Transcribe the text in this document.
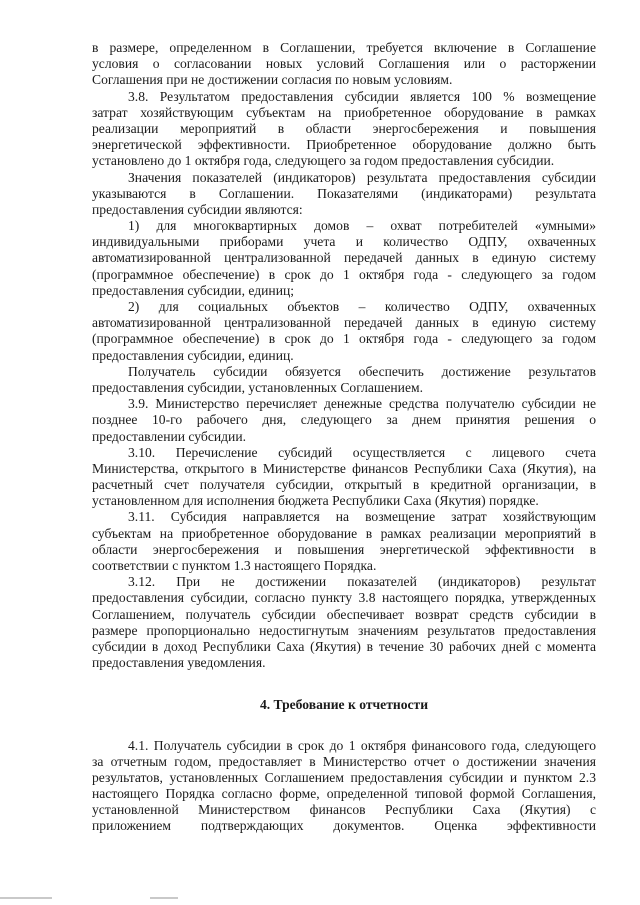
в размере, определенном в Соглашении, требуется включение в Соглашение
условия о согласовании новых условий Соглашения или о расторжении
Соглашения при не достижении согласия по новым условиям.
3.8. Результатом предоставления субсидии является 100 % возмещение
затрат хозяйствующим субъектам на приобретенное оборудование в рамках
реализации мероприятий в области энергосбережения и повышения
энергетической эффективности. Приобретенное оборудование должно быть
установлено до 1 октября года, следующего за годом предоставления субсидии.
Значения показателей (индикаторов) результата предоставления субсидии
указываются в Соглашении. Показателями (индикаторами) результата
предоставления субсидии являются:
1) для многоквартирных домов – охват потребителей «умными»
индивидуальными приборами учета и количество ОДПУ, охваченных
автоматизированной централизованной передачей данных в единую систему
(программное обеспечение) в срок до 1 октября года - следующего за годом
предоставления субсидии, единиц;
2) для социальных объектов – количество ОДПУ, охваченных
автоматизированной централизованной передачей данных в единую систему
(программное обеспечение) в срок до 1 октября года - следующего за годом
предоставления субсидии, единиц.
Получатель субсидии обязуется обеспечить достижение результатов
предоставления субсидии, установленных Соглашением.
3.9. Министерство перечисляет денежные средства получателю субсидии не
позднее 10-го рабочего дня, следующего за днем принятия решения о
предоставлении субсидии.
3.10. Перечисление субсидий осуществляется с лицевого счета
Министерства, открытого в Министерстве финансов Республики Саха (Якутия), на
расчетный счет получателя субсидии, открытый в кредитной организации, в
установленном для исполнения бюджета Республики Саха (Якутия) порядке.
3.11. Субсидия направляется на возмещение затрат хозяйствующим
субъектам на приобретенное оборудование в рамках реализации мероприятий в
области энергосбережения и повышения энергетической эффективности в
соответствии с пунктом 1.3 настоящего Порядка.
3.12. При не достижении показателей (индикаторов) результат
предоставления субсидии, согласно пункту 3.8 настоящего порядка, утвержденных
Соглашением, получатель субсидии обеспечивает возврат средств субсидии в
размере пропорционально недостигнутым значениям результатов предоставления
субсидии в доход Республики Саха (Якутия) в течение 30 рабочих дней с момента
предоставления уведомления.
4. Требование к отчетности
4.1. Получатель субсидии в срок до 1 октября финансового года, следующего
за отчетным годом, предоставляет в Министерство отчет о достижении значения
результатов, установленных Соглашением предоставления субсидии и пунктом 2.3
настоящего Порядка согласно форме, определенной типовой формой Соглашения,
установленной Министерством финансов Республики Саха (Якутия) с
приложением подтверждающих документов. Оценка эффективности
